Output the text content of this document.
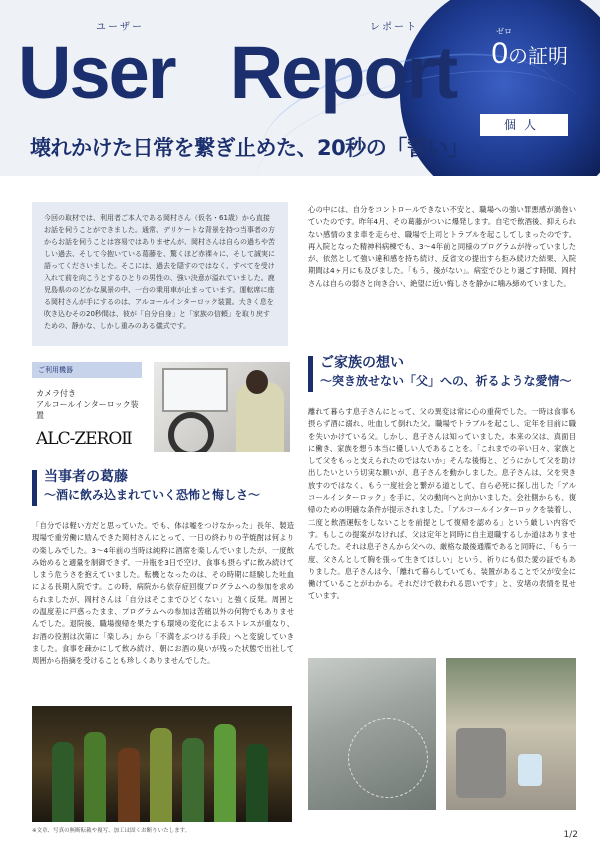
ユーザー	レポート
User Report	ゼロ
0の証明
個人
壊れかけた日常を繋ぎ止めた、20秒の「誓い」

今回の取材では、利用者ご本人である岡村さん（仮名・61歳）から直接お話を伺うことができました。通常、デリケートな背景を持つ当事者の方からお話を伺うことは容易ではありませんが、岡村さんは自らの過ちや苦しい過去、そして今抱いている葛藤を、驚くほど赤裸々に、そして誠実に語ってくださいました。そこには、過去を隠すのではなく、すべてを受け入れて前を向こうとするひとりの男性の、強い決意が溢れていました。鹿児島県ののどかな風景の中、一台の乗用車が止まっています。運転席に座る岡村さんが手にするのは、アルコールインターロック装置。大きく息を吹き込むその20秒間は、彼が「自分自身」と「家族の信頼」を取り戻すための、静かな、しかし重みのある儀式です。

ご利用機器
カメラ付き
アルコールインターロック装置
ALC-ZEROⅡ
当事者の葛藤
～酒に飲み込まれていく恐怖と悔しさ～
「自分では軽い方だと思っていた。でも、体は嘘をつけなかった」長年、製造現場で重労働に励んできた岡村さんにとって、一日の終わりの芋焼酎は何よりの楽しみでした。3～4年前の当時は純粋に酒席を楽しんでいましたが、一度飲み始めると適量を制御できず、一升瓶を3日で空け、食事も摂らずに飲み続けてしまう危うさを抱えていました。転機となったのは、その時期に経験した吐血による長期入院です。この時、病院から依存症回復プログラムへの参加を求められましたが、岡村さんは「自分はそこまでひどくない」と強く反発。周囲との温度差に戸惑ったまま、プログラムへの参加は苦痛以外の何物でもありませんでした。退院後、職場復帰を果たすも環境の変化によるストレスが重なり、お酒の役割は次第に「楽しみ」から「不満をぶつける手段」へと変貌していきました。食事を疎かにして飲み続け、朝にお酒の臭いが残った状態で出社して周囲から指摘を受けることも珍しくありませんでした。
心の中には、自分をコントロールできない不安と、職場への強い罪悪感が渦巻いていたのです。昨年4月、その葛藤がついに爆発します。自宅で飲酒後、抑えられない感情のまま車を走らせ、職場で上司とトラブルを起こしてしまったのです。再入院となった精神科病棟でも、3～4年前と同様のプログラムが待っていましたが、依然として強い違和感を持ち続け、反省文の提出すら拒み続けた結果、入院期間は4ヶ月にも及びました。「もう、後がない」。病室でひとり過ごす時間、岡村さんは自らの弱さと向き合い、絶望に近い悔しさを静かに噛み締めていました。
ご家族の想い
～突き放せない「父」への、祈るような愛情～
離れて暮らす息子さんにとって、父の異変は常に心の重荷でした。一時は食事も摂らず酒に溺れ、吐血して倒れた父。職場でトラブルを起こし、定年を目前に職を失いかけている父。しかし、息子さんは知っていました。本来の父は、真面目に働き、家族を想う本当に優しい人であることを。「これまでの辛い日々、家族として父をもっと支えられたのではないか」そんな後悔と、どうにかして父を助け出したいという切実な願いが、息子さんを動かしました。息子さんは、父を突き放すのではなく、もう一度社会と繋がる道として、自ら必死に探し出した「アルコールインターロック」を手に、父の動向へと向かいました。会社側からも、復帰のための明確な条件が提示されました。「アルコールインターロックを装着し、二度と飲酒運転をしないことを前提として復帰を認める」という厳しい内容です。もしこの提案がなければ、父は定年と同時に自主退職するしか道はありませんでした。それは息子さんから父への、厳格な最後通牒であると同時に、「もう一度、父さんとして胸を張って生きてほしい」という、祈りにも似た愛の証でもありました。息子さんは今、「離れて暮らしていても、装置があることで父が安全に働けていることがわかる。それだけで救われる思いです」と、安堵の表情を見せています。
※文章、写真の無断転載や複写、加工は固くお断りいたします。	1/2
